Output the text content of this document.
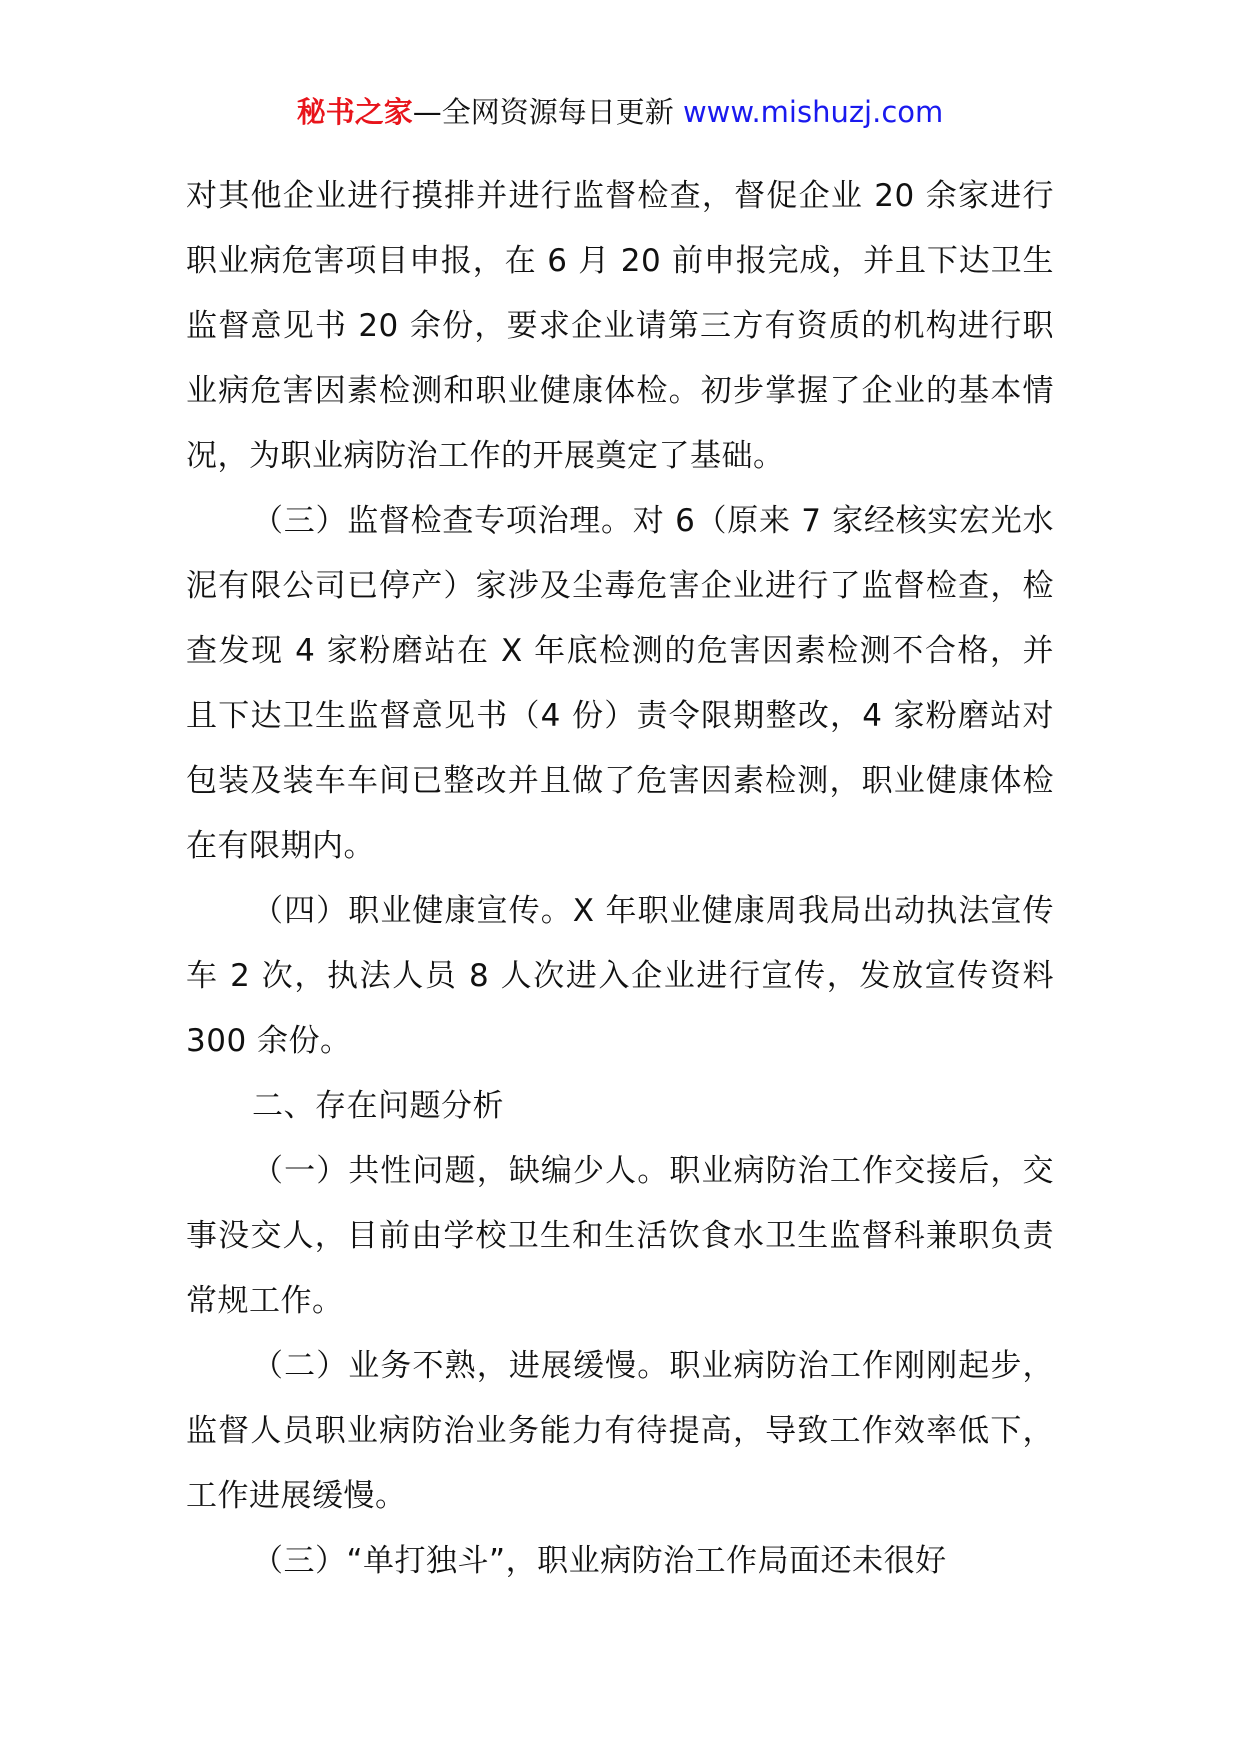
秘书之家—全网资源每日更新 www.mishuzj.com

对其他企业进行摸排并进行监督检查，督促企业 20 余家进行职业病危害项目申报，在 6 月 20 前申报完成，并且下达卫生监督意见书 20 余份，要求企业请第三方有资质的机构进行职业病危害因素检测和职业健康体检。初步掌握了企业的基本情况，为职业病防治工作的开展奠定了基础。

（三）监督检查专项治理。对 6（原来 7 家经核实宏光水泥有限公司已停产）家涉及尘毒危害企业进行了监督检查，检查发现 4 家粉磨站在 X 年底检测的危害因素检测不合格，并且下达卫生监督意见书（4 份）责令限期整改，4 家粉磨站对包装及装车车间已整改并且做了危害因素检测，职业健康体检在有限期内。

（四）职业健康宣传。X 年职业健康周我局出动执法宣传车 2 次，执法人员 8 人次进入企业进行宣传，发放宣传资料 300 余份。

二、存在问题分析

（一）共性问题，缺编少人。职业病防治工作交接后，交事没交人，目前由学校卫生和生活饮食水卫生监督科兼职负责常规工作。

（二）业务不熟，进展缓慢。职业病防治工作刚刚起步，监督人员职业病防治业务能力有待提高，导致工作效率低下，工作进展缓慢。

（三）“单打独斗”，职业病防治工作局面还未很好
